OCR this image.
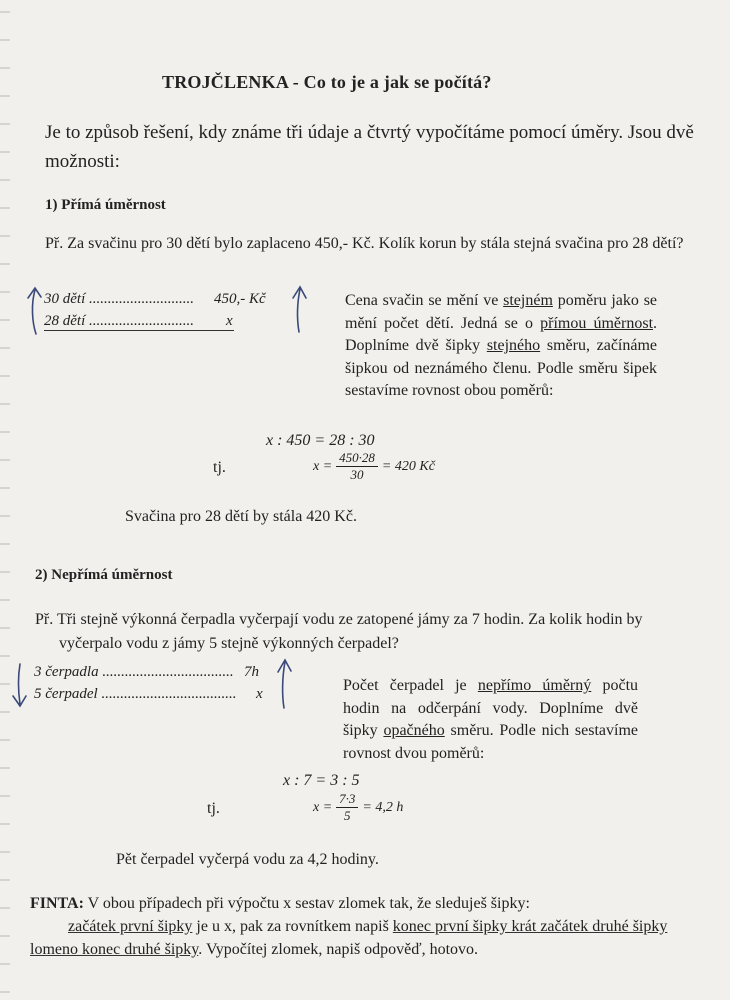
TROJČLENKA - Co to je a jak se počítá?
Je to způsob řešení, kdy známe tři údaje a čtvrtý vypočítáme pomocí úměry. Jsou dvě možnosti:
1) Přímá úměrnost
Př. Za svačinu pro 30 dětí bylo zaplaceno 450,- Kč. Kolík korun by stála stejná svačina pro 28 dětí?
30 dětí ............................ 450,- Kč
28 dětí ............................	x
Cena svačin se mění ve stejném poměru jako se mění počet dětí. Jedná se o přímou úměrnost. Doplníme dvě šipky stejného směru, začínáme šipkou od neznámého členu. Podle směru šipek sestavíme rovnost obou poměrů:
x : 450 = 28 : 30
tj.	$x = \frac{450\cdot 28}{30} = 420$ Kč
Svačina pro 28 dětí by stála 420 Kč.
2) Nepřímá úměrnost
Př. Tři stejně výkonná čerpadla vyčerpají vodu ze zatopené jámy za 7 hodin. Za kolik hodin by vyčerpalo vodu z jámy 5 stejně výkonných čerpadel?
3 čerpadla ................................... 7h
5 čerpadel .................................... x	Počet čerpadel je nepřímo úměrný počtu hodin na odčerpání vody. Doplníme dvě šipky opačného směru. Podle nich sestavíme rovnost dvou poměrů:
x : 7 = 3 : 5
tj.	$x = \frac{7\cdot 3}{5} = 4,2$ h
Pět čerpadel vyčerpá vodu za 4,2 hodiny.
FINTA: V obou případech při výpočtu x sestav zlomek tak, že sleduješ šipky:
začátek první šipky je u x, pak za rovnítkem napiš konec první šipky krát začátek druhé šipky lomeno konec druhé šipky. Vypočítej zlomek, napiš odpověď, hotovo.
